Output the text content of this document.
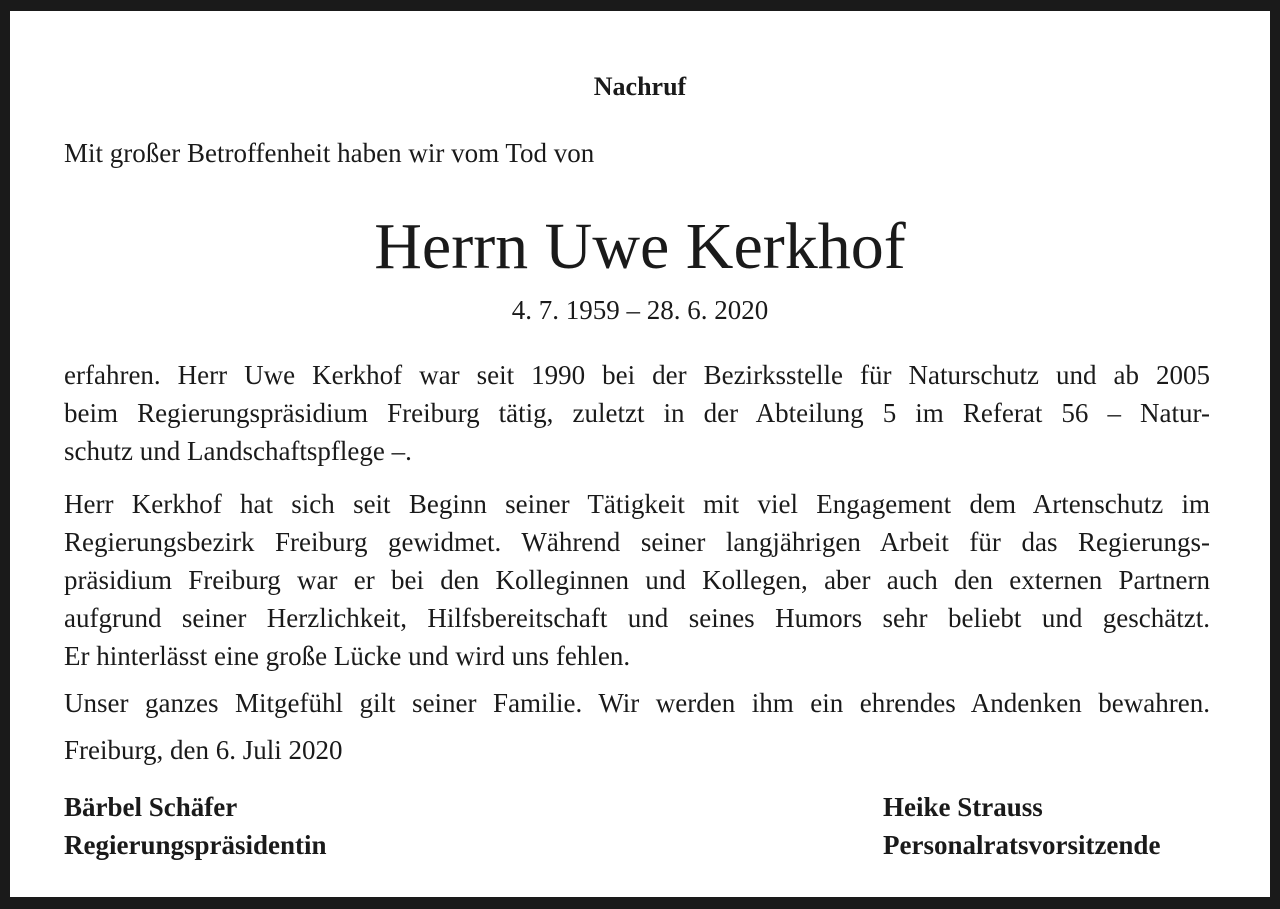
Nachruf
Mit großer Betroffenheit haben wir vom Tod von
Herrn Uwe Kerkhof
4. 7. 1959 – 28. 6. 2020
erfahren. Herr Uwe Kerkhof war seit 1990 bei der Bezirksstelle für Naturschutz und ab 2005
beim Regierungspräsidium Freiburg tätig, zuletzt in der Abteilung 5 im Referat 56 – Natur-
schutz und Landschaftspflege –.
Herr Kerkhof hat sich seit Beginn seiner Tätigkeit mit viel Engagement dem Artenschutz im
Regierungsbezirk Freiburg gewidmet. Während seiner langjährigen Arbeit für das Regierungs-
präsidium Freiburg war er bei den Kolleginnen und Kollegen, aber auch den externen Partnern
aufgrund seiner Herzlichkeit, Hilfsbereitschaft und seines Humors sehr beliebt und geschätzt.
Er hinterlässt eine große Lücke und wird uns fehlen.
Unser ganzes Mitgefühl gilt seiner Familie. Wir werden ihm ein ehrendes Andenken bewahren.
Freiburg, den 6. Juli 2020
Bärbel Schäfer
Regierungspräsidentin
Heike Strauss
Personalratsvorsitzende
